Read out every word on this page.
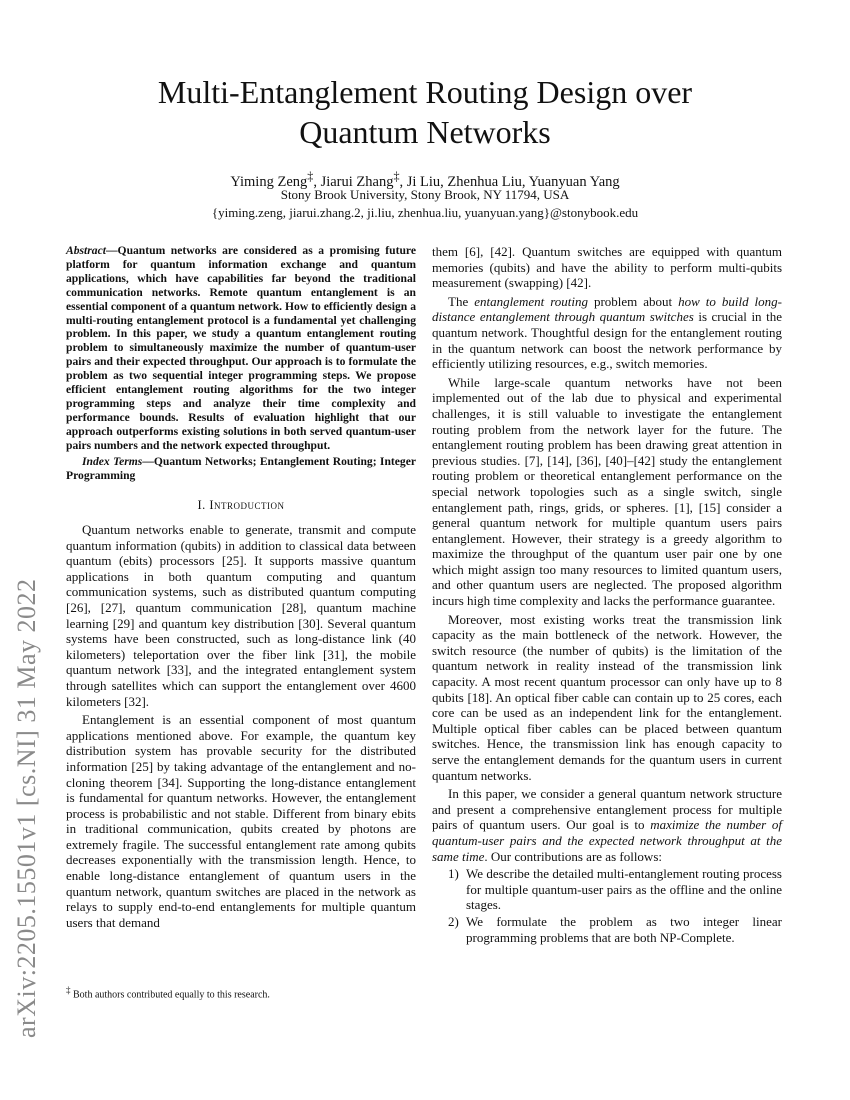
arXiv:2205.15501v1 [cs.NI] 31 May 2022
Multi-Entanglement Routing Design over
Quantum Networks
Yiming Zeng‡, Jiarui Zhang‡, Ji Liu, Zhenhua Liu, Yuanyuan Yang
Stony Brook University, Stony Brook, NY 11794, USA
{yiming.zeng, jiarui.zhang.2, ji.liu, zhenhua.liu, yuanyuan.yang}@stonybook.edu
Abstract—Quantum networks are considered as a promising future platform for quantum information exchange and quantum applications, which have capabilities far beyond the traditional communication networks. Remote quantum entanglement is an essential component of a quantum network. How to efficiently design a multi-routing entanglement protocol is a fundamental yet challenging problem. In this paper, we study a quantum entanglement routing problem to simultaneously maximize the number of quantum-user pairs and their expected throughput. Our approach is to formulate the problem as two sequential integer programming steps. We propose efficient entanglement routing algorithms for the two integer programming steps and analyze their time complexity and performance bounds. Results of evaluation highlight that our approach outperforms existing solutions in both served quantum-user pairs numbers and the network expected throughput.
Index Terms—Quantum Networks; Entanglement Routing; Integer Programming
I. Introduction

Quantum networks enable to generate, transmit and compute quantum information (qubits) in addition to classical data between quantum (ebits) processors [25]. It supports massive quantum applications in both quantum computing and quantum communication systems, such as distributed quantum computing [26], [27], quantum communication [28], quantum machine learning [29] and quantum key distribution [30]. Several quantum systems have been constructed, such as long-distance link (40 kilometers) teleportation over the fiber link [31], the mobile quantum network [33], and the integrated entanglement system through satellites which can support the entanglement over 4600 kilometers [32].

Entanglement is an essential component of most quantum applications mentioned above. For example, the quantum key distribution system has provable security for the distributed information [25] by taking advantage of the entanglement and no-cloning theorem [34]. Supporting the long-distance entanglement is fundamental for quantum networks. However, the entanglement process is probabilistic and not stable. Different from binary ebits in traditional communication, qubits created by photons are extremely fragile. The successful entanglement rate among qubits decreases exponentially with the transmission length. Hence, to enable long-distance entanglement of quantum users in the quantum network, quantum switches are placed in the network as relays to supply end-to-end entanglements for multiple quantum users that demand

‡ Both authors contributed equally to this research.

them [6], [42]. Quantum switches are equipped with quantum memories (qubits) and have the ability to perform multi-qubits measurement (swapping) [42].

The entanglement routing problem about how to build long-distance entanglement through quantum switches is crucial in the quantum network. Thoughtful design for the entanglement routing in the quantum network can boost the network performance by efficiently utilizing resources, e.g., switch memories.

While large-scale quantum networks have not been implemented out of the lab due to physical and experimental challenges, it is still valuable to investigate the entanglement routing problem from the network layer for the future. The entanglement routing problem has been drawing great attention in previous studies. [7], [14], [36], [40]–[42] study the entanglement routing problem or theoretical entanglement performance on the special network topologies such as a single switch, single entanglement path, rings, grids, or spheres. [1], [15] consider a general quantum network for multiple quantum users pairs entanglement. However, their strategy is a greedy algorithm to maximize the throughput of the quantum user pair one by one which might assign too many resources to limited quantum users, and other quantum users are neglected. The proposed algorithm incurs high time complexity and lacks the performance guarantee.

Moreover, most existing works treat the transmission link capacity as the main bottleneck of the network. However, the switch resource (the number of qubits) is the limitation of the quantum network in reality instead of the transmission link capacity. A most recent quantum processor can only have up to 8 qubits [18]. An optical fiber cable can contain up to 25 cores, each core can be used as an independent link for the entanglement. Multiple optical fiber cables can be placed between quantum switches. Hence, the transmission link has enough capacity to serve the entanglement demands for the quantum users in current quantum networks.

In this paper, we consider a general quantum network structure and present a comprehensive entanglement process for multiple pairs of quantum users. Our goal is to maximize the number of quantum-user pairs and the expected network throughput at the same time. Our contributions are as follows:

1) We describe the detailed multi-entanglement routing process for multiple quantum-user pairs as the offline and the online stages.
2) We formulate the problem as two integer linear programming problems that are both NP-Complete.
